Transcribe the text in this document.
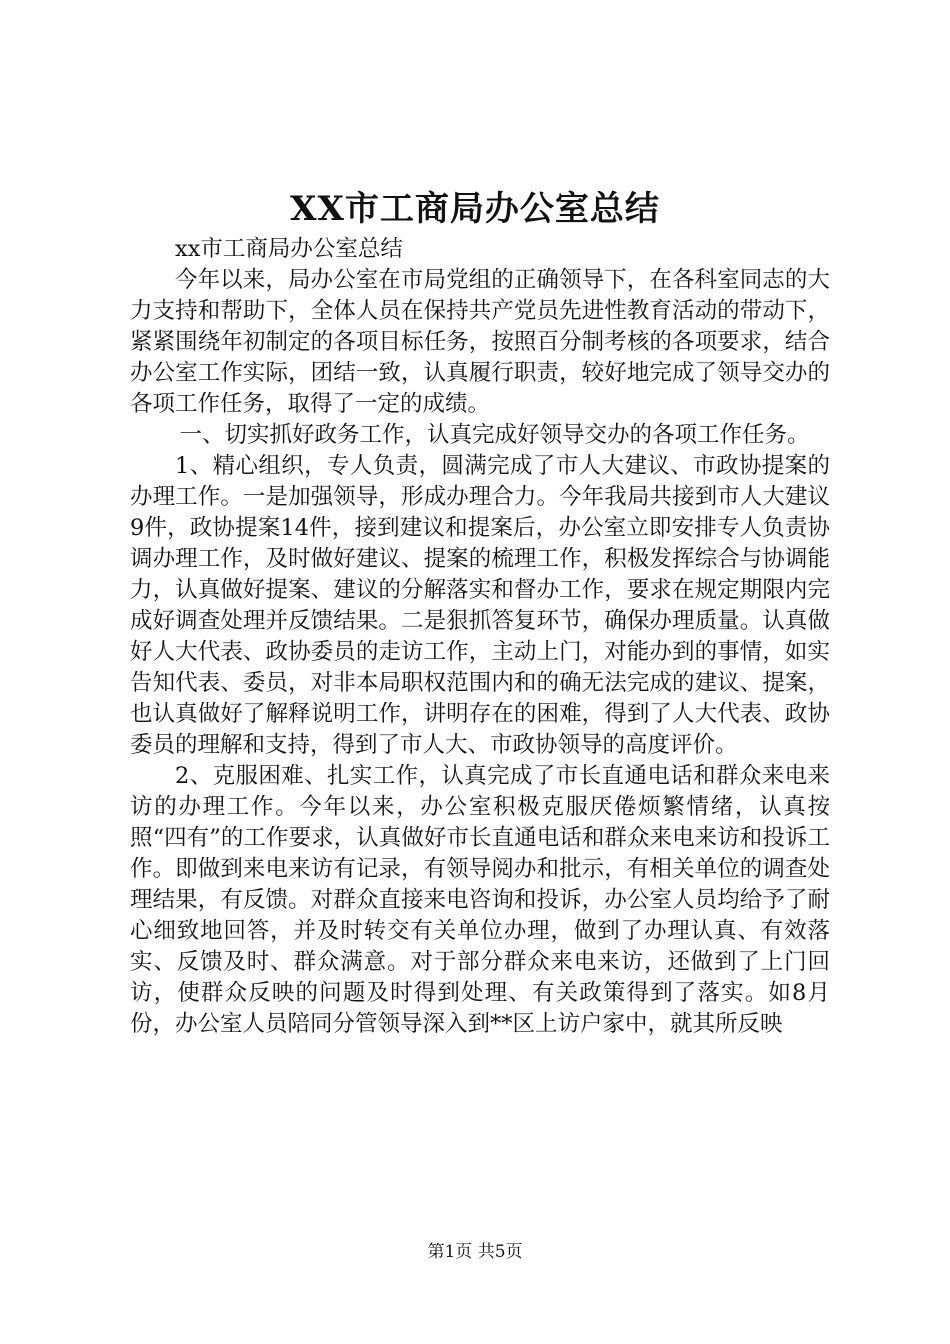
XX市工商局办公室总结

xx市工商局办公室总结

今年以来，局办公室在市局党组的正确领导下，在各科室同志的大力支持和帮助下，全体人员在保持共产党员先进性教育活动的带动下，紧紧围绕年初制定的各项目标任务，按照百分制考核的各项要求，结合办公室工作实际，团结一致，认真履行职责，较好地完成了领导交办的各项工作任务，取得了一定的成绩。

一、切实抓好政务工作，认真完成好领导交办的各项工作任务。

1、精心组织，专人负责，圆满完成了市人大建议、市政协提案的办理工作。一是加强领导，形成办理合力。今年我局共接到市人大建议9件，政协提案14件，接到建议和提案后，办公室立即安排专人负责协调办理工作，及时做好建议、提案的梳理工作，积极发挥综合与协调能力，认真做好提案、建议的分解落实和督办工作，要求在规定期限内完成好调查处理并反馈结果。二是狠抓答复环节，确保办理质量。认真做好人大代表、政协委员的走访工作，主动上门，对能办到的事情，如实告知代表、委员，对非本局职权范围内和的确无法完成的建议、提案，也认真做好了解释说明工作，讲明存在的困难，得到了人大代表、政协委员的理解和支持，得到了市人大、市政协领导的高度评价。

2、克服困难、扎实工作，认真完成了市长直通电话和群众来电来访的办理工作。今年以来，办公室积极克服厌倦烦繁情绪，认真按照“四有”的工作要求，认真做好市长直通电话和群众来电来访和投诉工作。即做到来电来访有记录，有领导阅办和批示，有相关单位的调查处理结果，有反馈。对群众直接来电咨询和投诉，办公室人员均给予了耐心细致地回答，并及时转交有关单位办理，做到了办理认真、有效落实、反馈及时、群众满意。对于部分群众来电来访，还做到了上门回访，使群众反映的问题及时得到处理、有关政策得到了落实。如8月份，办公室人员陪同分管领导深入到**区上访户家中，就其所反映

第1页 共5页
